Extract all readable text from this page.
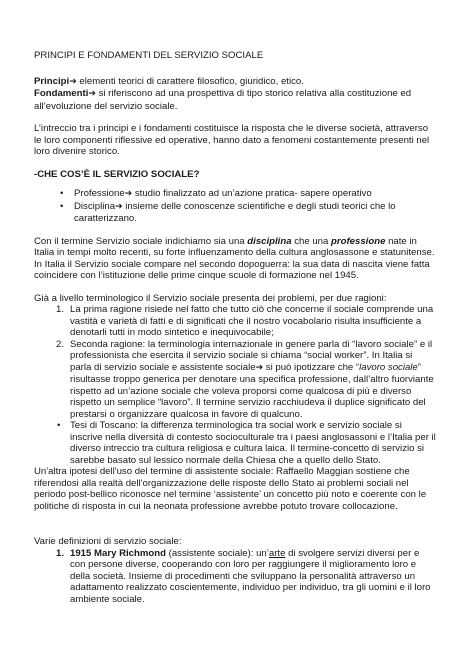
PRINCIPI E FONDAMENTI DEL SERVIZIO SOCIALE

Principi➔ elementi teorici di carattere filosofico, giuridico, etico.

Fondamenti➔ si riferiscono ad una prospettiva di tipo storico relativa alla costituzione ed all’evoluzione del servizio sociale.

L’intreccio tra i principi e i fondamenti costituisce la risposta che le diverse società, attraverso le loro componenti riflessive ed operative, hanno dato a fenomeni costantemente presenti nel loro divenire storico.

-CHE COS’È IL SERVIZIO SOCIALE?

• Professione➔ studio finalizzato ad un’azione pratica- sapere operativo
• Disciplina➔ insieme delle conoscenze scientifiche e degli studi teorici che lo caratterizzano.

Con il termine Servizio sociale indichiamo sia una disciplina che una professione nate in Italia in tempi molto recenti, su forte influenzamento della cultura anglosassone e statunitense.

In Italia il Servizio sociale compare nel secondo dopoguerra: la sua data di nascita viene fatta coincidere con l’istituzione delle prime cinque scuole di formazione nel 1945.

Già a livello terminologico il Servizio sociale presenta dei problemi, per due ragioni:

1. La prima ragione risiede nel fatto che tutto ciò che concerne il sociale comprende una vastità e varietà di fatti e di significati che il nostro vocabolario risulta insufficiente a denotarli tutti in modo sintetico e inequivocabile;
2. Seconda ragione: la terminologia internazionale in genere parla di “lavoro sociale” e il professionista che esercita il servizio sociale si chiama “social worker”. In Italia si parla di servizio sociale e assistente sociale➔ si può ipotizzare che “lavoro sociale” risultasse troppo generica per denotare una specifica professione, dall’altro fuorviante rispetto ad un’azione sociale che voleva proporsi come qualcosa di più e diverso rispetto un semplice “lavoro”. Il termine servizio racchiudeva il duplice significato del prestarsi o organizzare qualcosa in favore di qualcuno.
• Tesi di Toscano: la differenza terminologica tra social work e servizio sociale si inscrive nella diversità di contesto socioculturale tra i paesi anglosassoni e l’Italia per il diverso intreccio tra cultura religiosa e cultura laica. Il termine-concetto di servizio si sarebbe basato sul lessico normale della Chiesa che a quello dello Stato.

Un'altra ipotesi dell'uso del termine di assistente sociale: Raffaello Maggian sostiene che riferendosi alla realtà dell'organizzazione delle risposte dello Stato ai problemi sociali nel periodo post-bellico riconosce nel termine ‘assistente’ un concetto più noto e coerente con le politiche di risposta in cui la neonata professione avrebbe potuto trovare collocazione.

Varie definizioni di servizio sociale:

1. 1915 Mary Richmond (assistente sociale): un’arte di svolgere servizi diversi per e con persone diverse, cooperando con loro per raggiungere il miglioramento loro e della società. Insieme di procedimenti che sviluppano la personalità attraverso un adattamento realizzato coscientemente, individuo per individuo, tra gli uomini e il loro ambiente sociale.
